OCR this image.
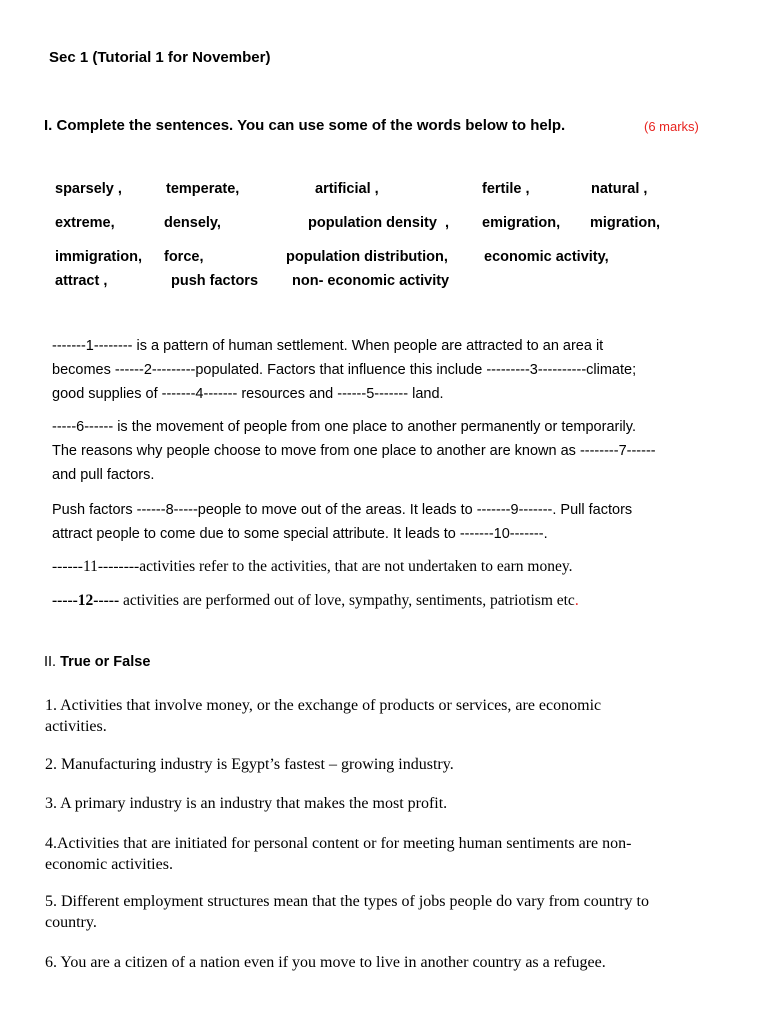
Sec 1 (Tutorial 1 for November)
I. Complete the sentences. You can use some of the words below to help.	(6 marks)
sparsely ,	temperate,	artificial ,	fertile ,	natural ,
extreme,	densely,	population density  , emigration, migration,
immigration, force,	population distribution, economic activity,
attract ,	push factors non- economic activity
-------1-------- is a pattern of human settlement. When people are attracted to an area it
becomes ------2---------populated. Factors that influence this include ---------3----------climate;
good supplies of -------4------- resources and ------5------- land.
-----6------ is the movement of people from one place to another permanently or temporarily.
The reasons why people choose to move from one place to another are known as --------7------
and pull factors.
Push factors ------8-----people to move out of the areas. It leads to -------9-------. Pull factors
attract people to come due to some special attribute. It leads to -------10-------.
------11--------activities refer to the activities, that are not undertaken to earn money.
-----12----- activities are performed out of love, sympathy, sentiments, patriotism etc.
II. True or False
1. Activities that involve money, or the exchange of products or services, are economic
activities.
2. Manufacturing industry is Egypt’s fastest – growing industry.
3. A primary industry is an industry that makes the most profit.
4.Activities that are initiated for personal content or for meeting human sentiments are non-
economic activities.
5. Different employment structures mean that the types of jobs people do vary from country to
country.
6. You are a citizen of a nation even if you move to live in another country as a refugee.
